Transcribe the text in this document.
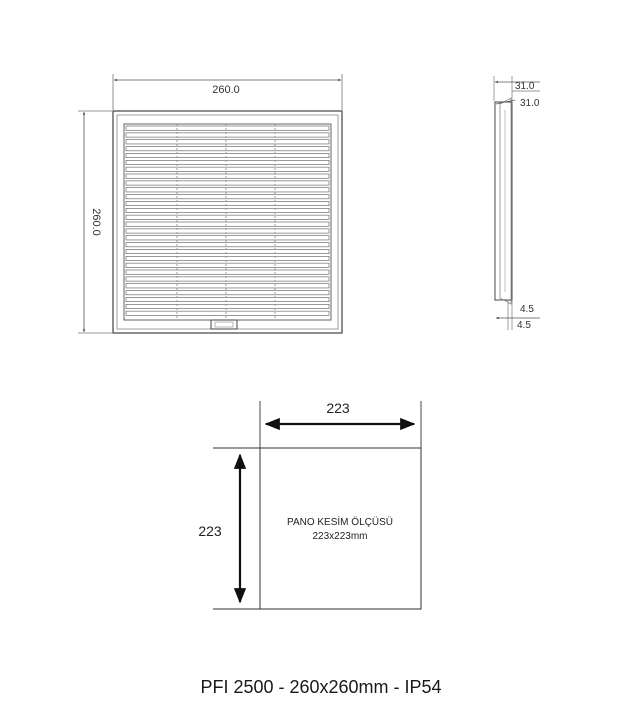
260.0
260.0
31.0
31.0
4.5
4.5
223
223
PANO KESİM ÖLÇÜSÜ
223x223mm
PFI 2500 - 260x260mm - IP54
